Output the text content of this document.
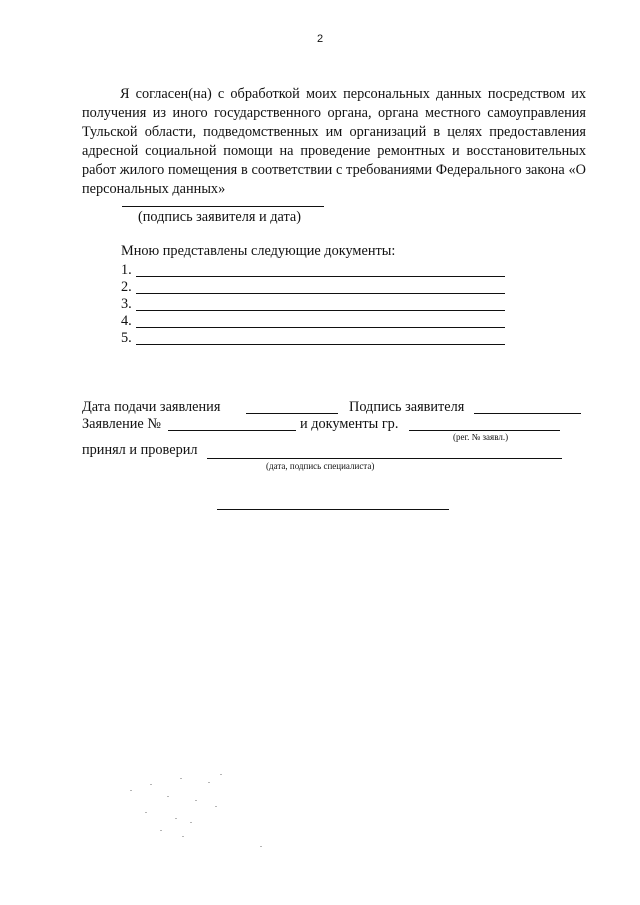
2
Я согласен(на) с обработкой моих персональных данных посредством их получения из иного государственного органа, органа местного самоуправления Тульской области, подведомственных им организаций в целях предоставления адресной социальной помощи на проведение ремонтных и восстановительных работ жилого помещения в соответствии с требованиями Федерального закона «О персональных данных»
(подпись заявителя и дата)
Мною представлены следующие документы:
1.
2.
3.
4.
5.
Дата подачи заявления	Подпись заявителя
Заявление №	и документы гр.
(рег. № заявл.)
принял и проверил
(дата, подпись специалиста)
